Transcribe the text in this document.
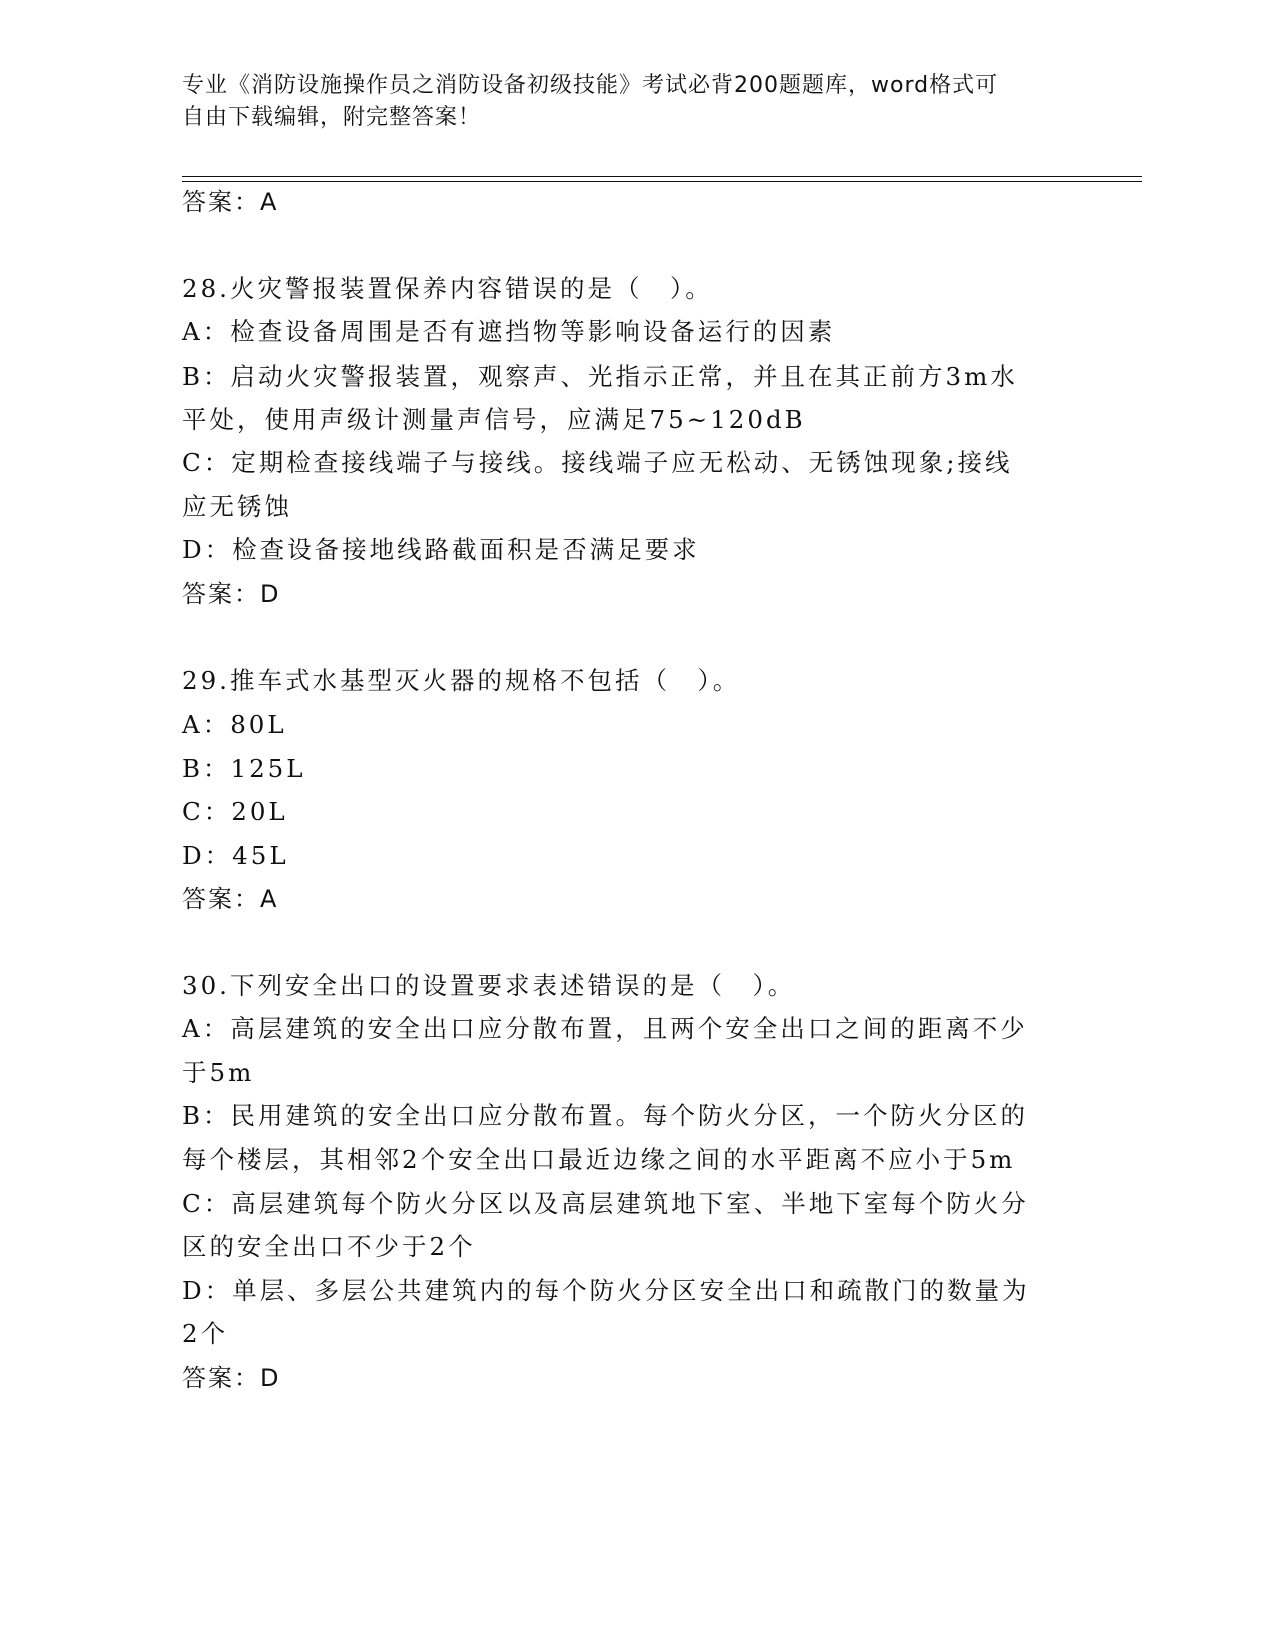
专业《消防设施操作员之消防设备初级技能》考试必背200题题库，word格式可
自由下载编辑，附完整答案！
答案：A
28.火灾警报装置保养内容错误的是（　）。
A：检查设备周围是否有遮挡物等影响设备运行的因素
B：启动火灾警报装置，观察声、光指示正常，并且在其正前方3m水
平处，使用声级计测量声信号，应满足75~120dB
C：定期检查接线端子与接线。接线端子应无松动、无锈蚀现象;接线
应无锈蚀
D：检查设备接地线路截面积是否满足要求
答案：D
29.推车式水基型灭火器的规格不包括（　）。
A：80L
B：125L
C：20L
D：45L
答案：A
30.下列安全出口的设置要求表述错误的是（　）。
A：高层建筑的安全出口应分散布置，且两个安全出口之间的距离不少
于5m
B：民用建筑的安全出口应分散布置。每个防火分区，一个防火分区的
每个楼层，其相邻2个安全出口最近边缘之间的水平距离不应小于5m
C：高层建筑每个防火分区以及高层建筑地下室、半地下室每个防火分
区的安全出口不少于2个
D：单层、多层公共建筑内的每个防火分区安全出口和疏散门的数量为
2个
答案：D
